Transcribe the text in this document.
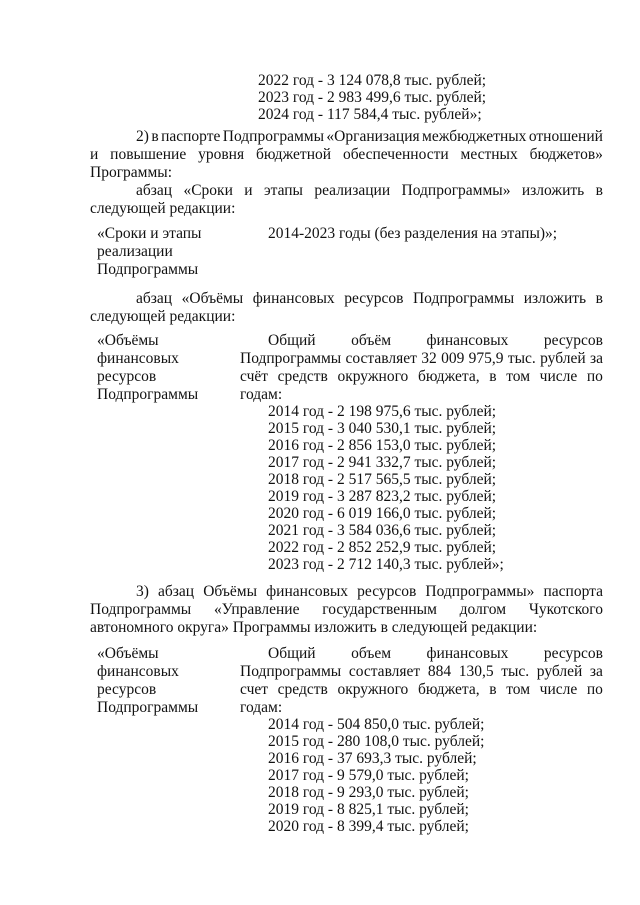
2022 год - 3 124 078,8 тыс. рублей;
2023 год - 2 983 499,6 тыс. рублей;
2024 год - 117 584,4 тыс. рублей»;
2) в паспорте Подпрограммы «Организация межбюджетных отношений
и повышение уровня бюджетной обеспеченности местных бюджетов»
Программы:
абзац «Сроки и этапы реализации Подпрограммы» изложить в
следующей редакции:
«Сроки и этапы
реализации
Подпрограммы
2014-2023 годы (без разделения на этапы)»;
абзац «Объёмы финансовых ресурсов Подпрограммы изложить в
следующей редакции:
«Объёмы
финансовых
ресурсов
Подпрограммы
Общий объём финансовых ресурсов
Подпрограммы составляет 32 009 975,9 тыс. рублей за
счёт средств окружного бюджета, в том числе по
годам:
2014 год - 2 198 975,6 тыс. рублей;
2015 год - 3 040 530,1 тыс. рублей;
2016 год - 2 856 153,0 тыс. рублей;
2017 год - 2 941 332,7 тыс. рублей;
2018 год - 2 517 565,5 тыс. рублей;
2019 год - 3 287 823,2 тыс. рублей;
2020 год - 6 019 166,0 тыс. рублей;
2021 год - 3 584 036,6 тыс. рублей;
2022 год - 2 852 252,9 тыс. рублей;
2023 год - 2 712 140,3 тыс. рублей»;
3) абзац Объёмы финансовых ресурсов Подпрограммы» паспорта
Подпрограммы «Управление государственным долгом Чукотского
автономного округа» Программы изложить в следующей редакции:
«Объёмы
финансовых
ресурсов
Подпрограммы
Общий объем финансовых ресурсов
Подпрограммы составляет 884 130,5 тыс. рублей за
счет средств окружного бюджета, в том числе по
годам:
2014 год - 504 850,0 тыс. рублей;
2015 год - 280 108,0 тыс. рублей;
2016 год - 37 693,3 тыс. рублей;
2017 год - 9 579,0 тыс. рублей;
2018 год - 9 293,0 тыс. рублей;
2019 год - 8 825,1 тыс. рублей;
2020 год - 8 399,4 тыс. рублей;
